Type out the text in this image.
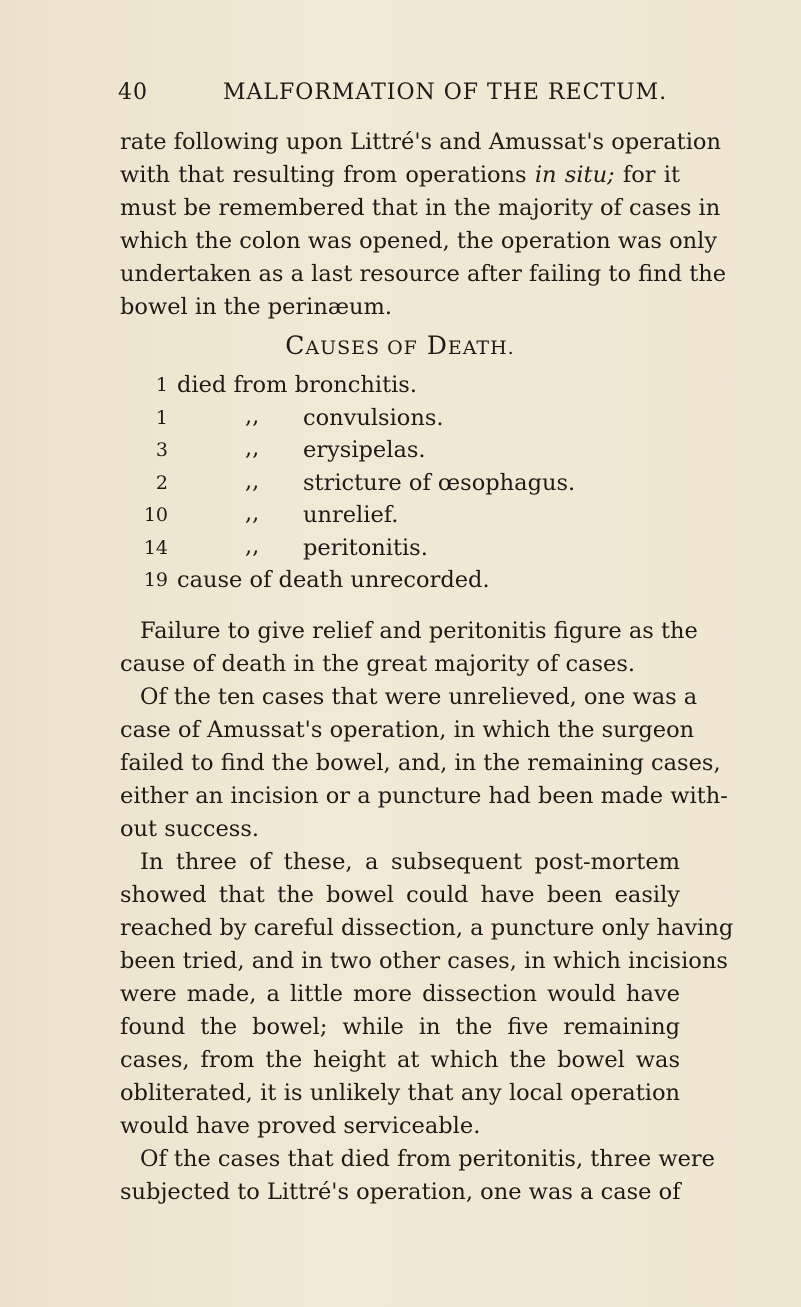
40	MALFORMATION OF THE RECTUM.
rate following upon Littré's and Amussat's operation
with that resulting from operations in situ; for it
must be remembered that in the majority of cases in
which the colon was opened, the operation was only
undertaken as a last resource after failing to find the
bowel in the perinæum.
CAUSES OF DEATH.
1 died from bronchitis.
1	,, convulsions.
3	,, erysipelas.
2	,, stricture of œsophagus.
10	,, unrelief.
14	,, peritonitis.
19 cause of death unrecorded.
Failure to give relief and peritonitis figure as the
cause of death in the great majority of cases.
Of the ten cases that were unrelieved, one was a
case of Amussat's operation, in which the surgeon
failed to find the bowel, and, in the remaining cases,
either an incision or a puncture had been made with-
out success.
In three of these, a subsequent post-mortem
showed that the bowel could have been easily
reached by careful dissection, a puncture only having
been tried, and in two other cases, in which incisions
were made, a little more dissection would have
found the bowel; while in the five remaining
cases, from the height at which the bowel was
obliterated, it is unlikely that any local operation
would have proved serviceable.
Of the cases that died from peritonitis, three were
subjected to Littré's operation, one was a case of
